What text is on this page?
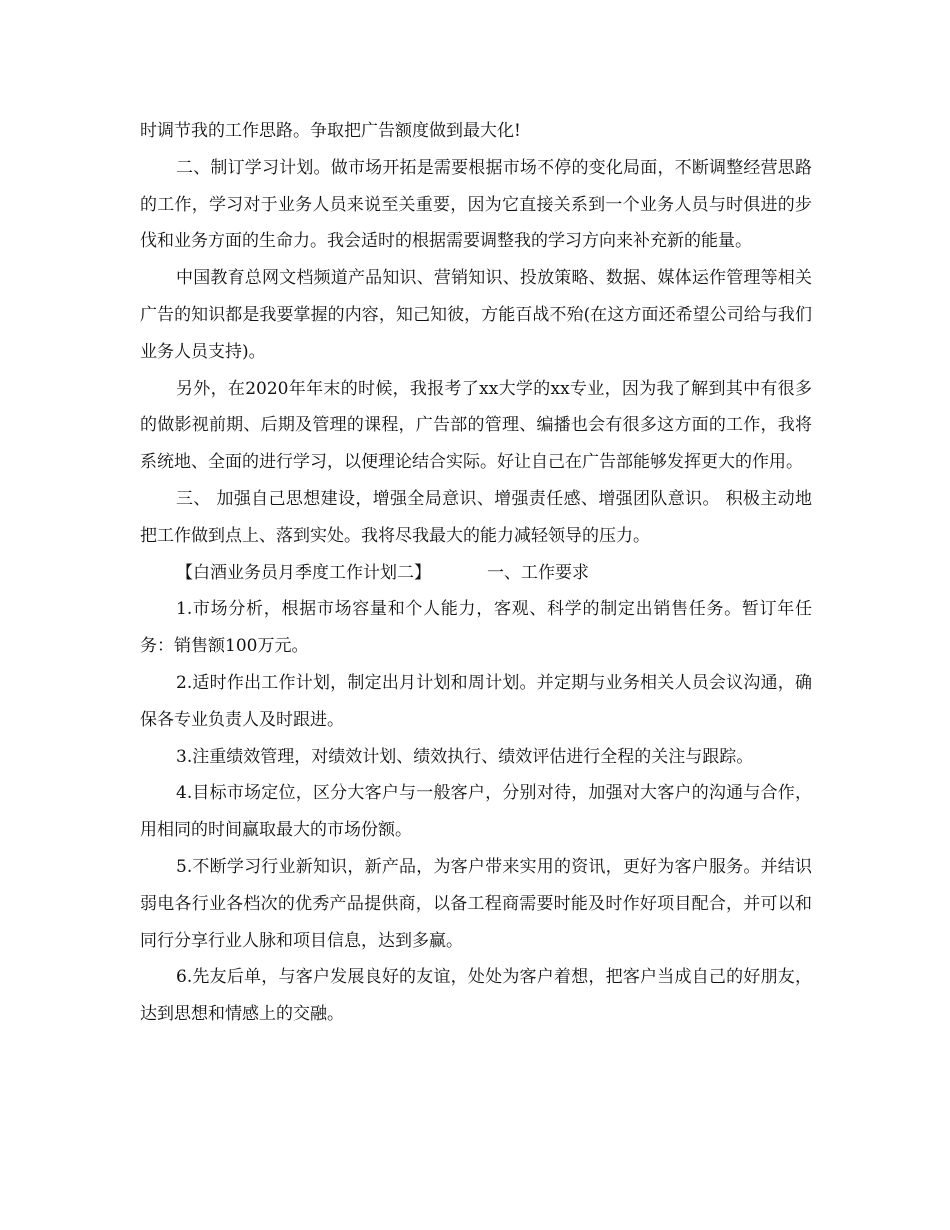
时调节我的工作思路。争取把广告额度做到最大化!

二、制订学习计划。做市场开拓是需要根据市场不停的变化局面，不断调整经营思路的工作，学习对于业务人员来说至关重要，因为它直接关系到一个业务人员与时俱进的步伐和业务方面的生命力。我会适时的根据需要调整我的学习方向来补充新的能量。

中国教育总网文档频道产品知识、营销知识、投放策略、数据、媒体运作管理等相关广告的知识都是我要掌握的内容，知己知彼，方能百战不殆(在这方面还希望公司给与我们业务人员支持)。

另外，在2020年年末的时候，我报考了xx大学的xx专业，因为我了解到其中有很多的做影视前期、后期及管理的课程，广告部的管理、编播也会有很多这方面的工作，我将系统地、全面的进行学习，以便理论结合实际。好让自己在广告部能够发挥更大的作用。

三、 加强自己思想建设，增强全局意识、增强责任感、增强团队意识。 积极主动地把工作做到点上、落到实处。我将尽我最大的能力减轻领导的压力。

【白酒业务员月季度工作计划二】	一、工作要求

1.市场分析，根据市场容量和个人能力，客观、科学的制定出销售任务。暂订年任务：销售额100万元。

2.适时作出工作计划，制定出月计划和周计划。并定期与业务相关人员会议沟通，确保各专业负责人及时跟进。

3.注重绩效管理，对绩效计划、绩效执行、绩效评估进行全程的关注与跟踪。

4.目标市场定位，区分大客户与一般客户，分别对待，加强对大客户的沟通与合作，用相同的时间赢取最大的市场份额。

5.不断学习行业新知识，新产品，为客户带来实用的资讯，更好为客户服务。并结识弱电各行业各档次的优秀产品提供商，以备工程商需要时能及时作好项目配合，并可以和同行分享行业人脉和项目信息，达到多赢。

6.先友后单，与客户发展良好的友谊，处处为客户着想，把客户当成自己的好朋友，达到思想和情感上的交融。
